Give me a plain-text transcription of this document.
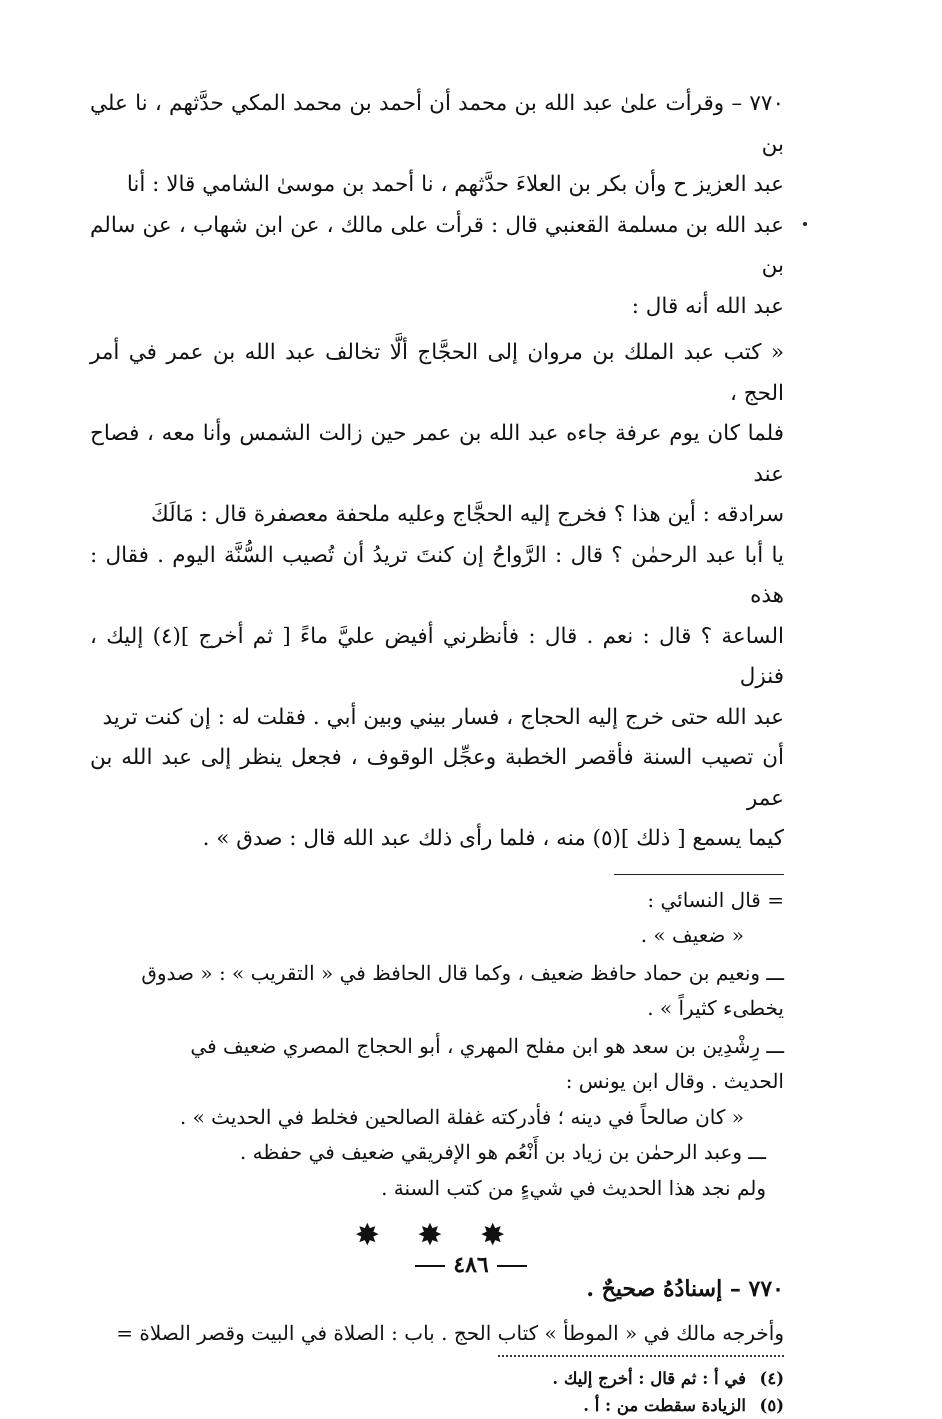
٧٧٠ – وقرأت علىٰ عبد الله بن محمد أن أحمد بن محمد المكي حدَّثهم ، نا علي بن
عبد العزيز ح وأن بكر بن العلاءَ حدَّثهم ، نا أحمد بن موسىٰ الشامي قالا : أنا
عبد الله بن مسلمة القعنبي قال : قرأت على مالك ، عن ابن شهاب ، عن سالم بن
عبد الله أنه قال :

« كتب عبد الملك بن مروان إلى الحجَّاج ألَّا تخالف عبد الله بن عمر في أمر الحج ،
فلما كان يوم عرفة جاءه عبد الله بن عمر حين زالت الشمس وأنا معه ، فصاح عند
سرادقه : أين هذا ؟ فخرج إليه الحجَّاج وعليه ملحفة معصفرة قال : مَالَكَ
يا أبا عبد الرحمٰن ؟ قال : الرَّواحُ إن كنتَ تريدُ أن تُصيب السُّنَّة اليوم . فقال : هذه
الساعة ؟ قال : نعم . قال : فأنظرني أفيض عليَّ ماءً [ ثم أخرج ](٤) إليك ، فنزل
عبد الله حتى خرج إليه الحجاج ، فسار بيني وبين أبي . فقلت له : إن كنت تريد
أن تصيب السنة فأقصر الخطبة وعجِّل الوقوف ، فجعل ينظر إلى عبد الله بن عمر
كيما يسمع [ ذلك ](٥) منه ، فلما رأى ذلك عبد الله قال : صدق » .

= قال النسائي :

« ضعيف » .

ـــ ونعيم بن حماد حافظ ضعيف ، وكما قال الحافظ في « التقريب » : « صدوق
يخطىء كثيراً » .

ـــ رِشْدِين بن سعد هو ابن مفلح المهري ، أبو الحجاج المصري ضعيف في
الحديث . وقال ابن يونس :

« كان صالحاً في دينه ؛ فأدركته غفلة الصالحين فخلط في الحديث » .

ـــ وعبد الرحمٰن بن زياد بن أَنْعُم هو الإفريقي ضعيف في حفظه .

ولم نجد هذا الحديث في شيءٍ من كتب السنة .

✸ ✸ ✸
٧٧٠ – إسنادُهُ صحيحٌ .

وأخرجه مالك في « الموطأ » كتاب الحج . باب : الصلاة في البيت وقصر الصلاة =

(٤)في أ : ثم قال : أخرج إليك .
(٥)الزيادة سقطت من : أ .
٤٨٦
